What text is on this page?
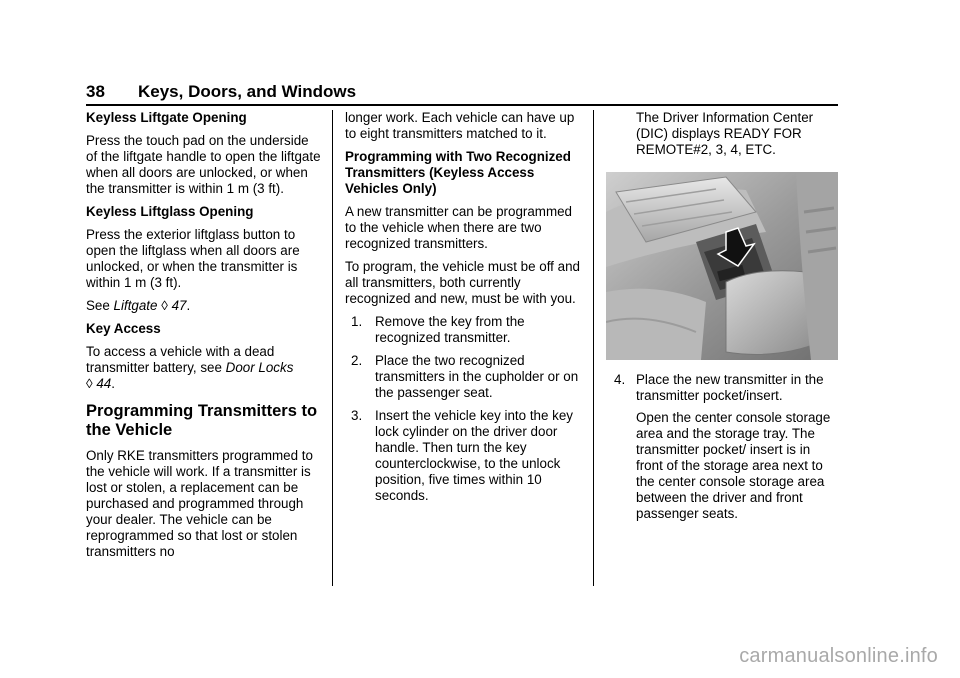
38 Keys, Doors, and Windows

Keyless Liftgate Opening

Press the touch pad on the underside of the liftgate handle to open the liftgate when all doors are unlocked, or when the transmitter is within 1 m (3 ft).

Keyless Liftglass Opening

Press the exterior liftglass button to open the liftglass when all doors are unlocked, or when the transmitter is within 1 m (3 ft).

See Liftgate ◊ 47.

Key Access

To access a vehicle with a dead transmitter battery, see Door Locks
◊ 44.

Programming Transmitters to the Vehicle

Only RKE transmitters programmed to the vehicle will work. If a transmitter is lost or stolen, a replacement can be purchased and programmed through your dealer. The vehicle can be reprogrammed so that lost or stolen transmitters no

longer work. Each vehicle can have up to eight transmitters matched to it.

Programming with Two Recognized Transmitters (Keyless Access Vehicles Only)

A new transmitter can be programmed to the vehicle when there are two recognized transmitters.

To program, the vehicle must be off and all transmitters, both currently recognized and new, must be with you.

1. Remove the key from the recognized transmitter.
2. Place the two recognized transmitters in the cupholder or on the passenger seat.
3. Insert the vehicle key into the key lock cylinder on the driver door handle. Then turn the key counterclockwise, to the unlock position, five times within 10 seconds.

The Driver Information Center (DIC) displays READY FOR REMOTE#2, 3, 4, ETC.

4. Place the new transmitter in the transmitter pocket/insert.

Open the center console storage area and the storage tray. The transmitter pocket/ insert is in front of the storage area next to the center console storage area between the driver and front passenger seats.

carmanualsonline.info
